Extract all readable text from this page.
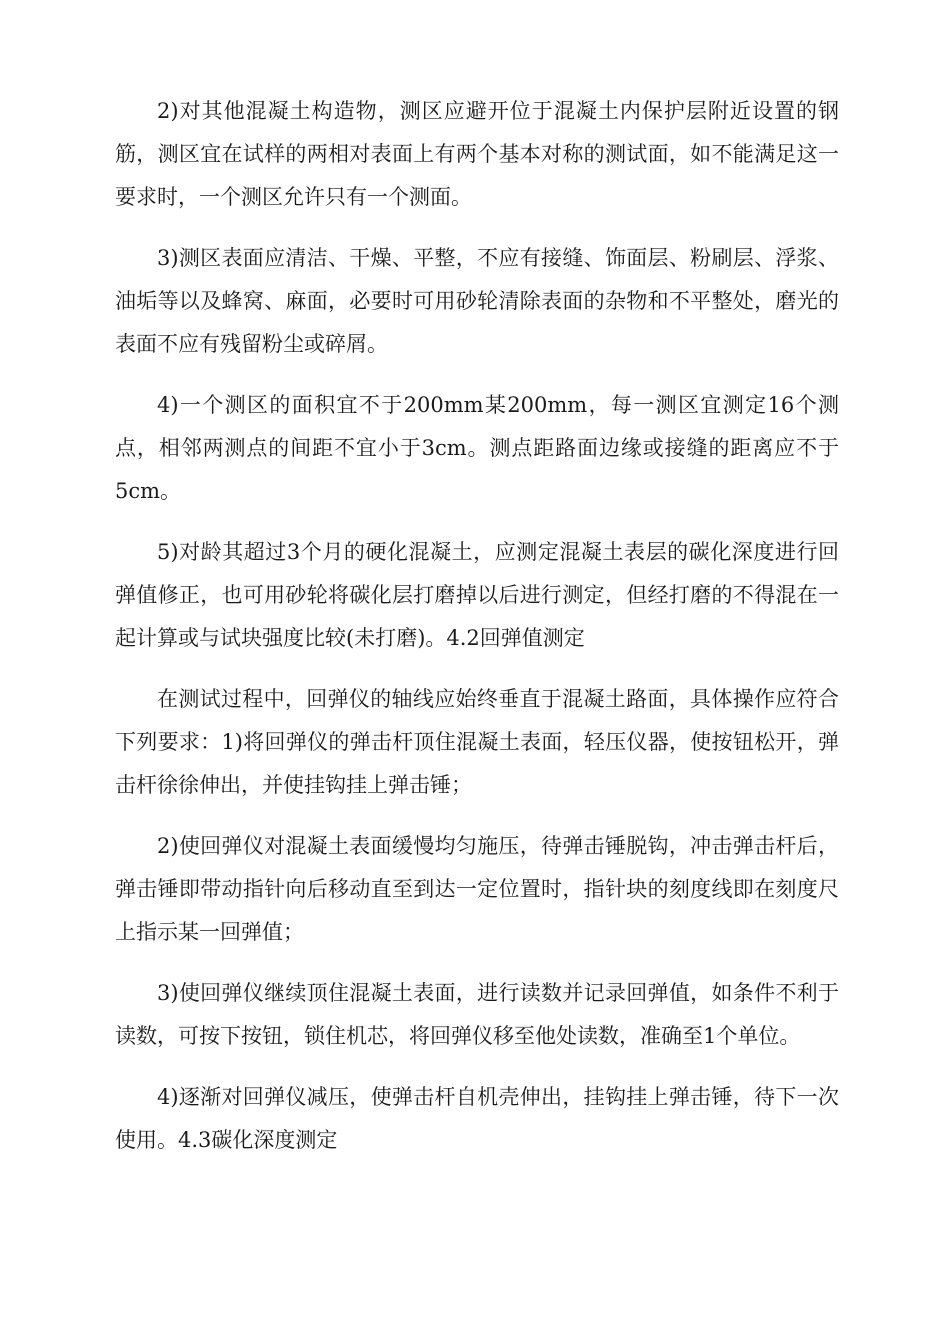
2)对其他混凝土构造物，测区应避开位于混凝土内保护层附近设置的钢筋，测区宜在试样的两相对表面上有两个基本对称的测试面，如不能满足这一要求时，一个测区允许只有一个测面。

3)测区表面应清洁、干燥、平整，不应有接缝、饰面层、粉刷层、浮浆、油垢等以及蜂窝、麻面，必要时可用砂轮清除表面的杂物和不平整处，磨光的表面不应有残留粉尘或碎屑。

4)一个测区的面积宜不于200mm某200mm，每一测区宜测定16个测点，相邻两测点的间距不宜小于3cm。测点距路面边缘或接缝的距离应不于5cm。

5)对龄其超过3个月的硬化混凝土，应测定混凝土表层的碳化深度进行回弹值修正，也可用砂轮将碳化层打磨掉以后进行测定，但经打磨的不得混在一起计算或与试块强度比较(未打磨)。4.2回弹值测定

在测试过程中，回弹仪的轴线应始终垂直于混凝土路面，具体操作应符合下列要求：1)将回弹仪的弹击杆顶住混凝土表面，轻压仪器，使按钮松开，弹击杆徐徐伸出，并使挂钩挂上弹击锤；

2)使回弹仪对混凝土表面缓慢均匀施压，待弹击锤脱钩，冲击弹击杆后，弹击锤即带动指针向后移动直至到达一定位置时，指针块的刻度线即在刻度尺上指示某一回弹值；

3)使回弹仪继续顶住混凝土表面，进行读数并记录回弹值，如条件不利于读数，可按下按钮，锁住机芯，将回弹仪移至他处读数，准确至1个单位。

4)逐渐对回弹仪减压，使弹击杆自机壳伸出，挂钩挂上弹击锤，待下一次使用。4.3碳化深度测定
